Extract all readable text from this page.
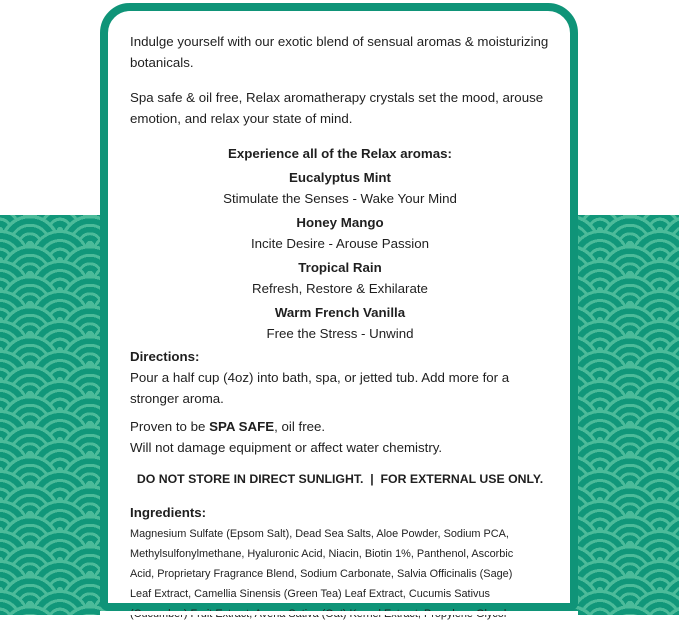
Indulge yourself with our exotic blend of sensual aromas & moisturizing botanicals.

Spa safe & oil free, Relax aromatherapy crystals set the mood, arouse emotion, and relax your state of mind.

Experience all of the Relax aromas:

Eucalyptus Mint
Stimulate the Senses - Wake Your Mind
Honey Mango
Incite Desire - Arouse Passion
Tropical Rain
Refresh, Restore & Exhilarate
Warm French Vanilla
Free the Stress - Unwind
Directions:
Pour a half cup (4oz) into bath, spa, or jetted tub. Add more for a stronger aroma.
Proven to be SPA SAFE, oil free.
Will not damage equipment or affect water chemistry.

DO NOT STORE IN DIRECT SUNLIGHT.  |  FOR EXTERNAL USE ONLY.

Ingredients:
Magnesium Sulfate (Epsom Salt), Dead Sea Salts, Aloe Powder, Sodium PCA,
Methylsulfonylmethane, Hyaluronic Acid, Niacin, Biotin 1%, Panthenol, Ascorbic
Acid, Proprietary Fragrance Blend, Sodium Carbonate, Salvia Officinalis (Sage)
Leaf Extract, Camellia Sinensis (Green Tea) Leaf Extract, Cucumis Sativus
